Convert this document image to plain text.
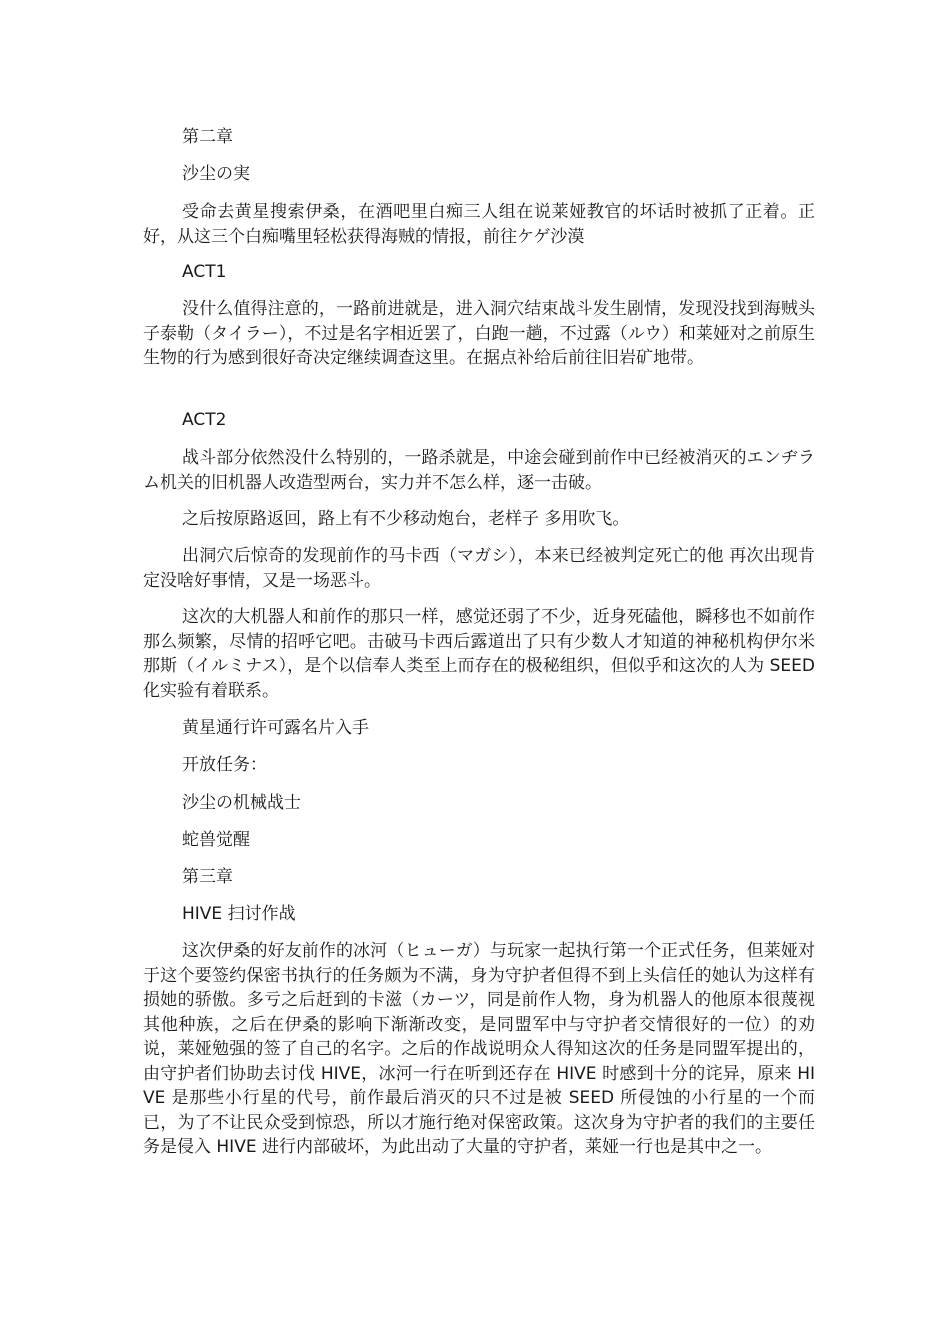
第二章

沙尘の実

受命去黄星搜索伊桑，在酒吧里白痴三人组在说莱娅教官的坏话时被抓了正着。正好，从这三个白痴嘴里轻松获得海贼的情报，前往ケゲ沙漠

ACT1

没什么值得注意的，一路前进就是，进入洞穴结束战斗发生剧情，发现没找到海贼头子泰勒（タイラー），不过是名字相近罢了，白跑一趟，不过露（ルウ）和莱娅对之前原生生物的行为感到很好奇决定继续调查这里。在据点补给后前往旧岩矿地带。

ACT2

战斗部分依然没什么特别的，一路杀就是，中途会碰到前作中已经被消灭的エンヂラム机关的旧机器人改造型两台，实力并不怎么样，逐一击破。

之后按原路返回，路上有不少移动炮台，老样子 多用吹飞。

出洞穴后惊奇的发现前作的马卡西（マガシ），本来已经被判定死亡的他 再次出现肯定没啥好事情，又是一场恶斗。

这次的大机器人和前作的那只一样，感觉还弱了不少，近身死磕他，瞬移也不如前作那么频繁，尽情的招呼它吧。击破马卡西后露道出了只有少数人才知道的神秘机构伊尔米那斯（イルミナス），是个以信奉人类至上而存在的极秘组织，但似乎和这次的人为 SEED 化实验有着联系。

黄星通行许可露名片入手

开放任务：

沙尘の机械战士

蛇兽觉醒

第三章

HIVE 扫讨作战

这次伊桑的好友前作的冰河（ヒューガ）与玩家一起执行第一个正式任务，但莱娅对于这个要签约保密书执行的任务颇为不满，身为守护者但得不到上头信任的她认为这样有损她的骄傲。多亏之后赶到的卡滋（カーツ，同是前作人物，身为机器人的他原本很蔑视其他种族，之后在伊桑的影响下渐渐改变，是同盟军中与守护者交情很好的一位）的劝说，莱娅勉强的签了自己的名字。之后的作战说明众人得知这次的任务是同盟军提出的，由守护者们协助去讨伐 HIVE，冰河一行在听到还存在 HIVE 时感到十分的诧异，原来 HIVE 是那些小行星的代号，前作最后消灭的只不过是被 SEED 所侵蚀的小行星的一个而已，为了不让民众受到惊恐，所以才施行绝对保密政策。这次身为守护者的我们的主要任务是侵入 HIVE 进行内部破坏，为此出动了大量的守护者，莱娅一行也是其中之一。
